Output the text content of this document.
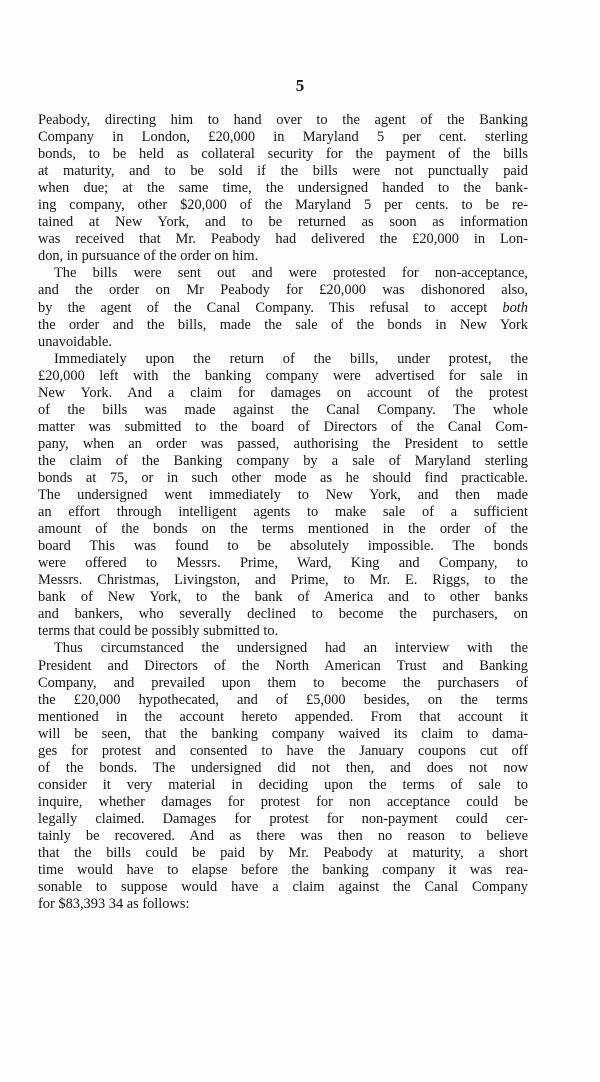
5
Peabody, directing him to hand over to the agent of the Banking
Company in London, £20,000 in Maryland 5 per cent. sterling
bonds, to be held as collateral security for the payment of the bills
at maturity, and to be sold if the bills were not punctually paid
when due; at the same time, the undersigned handed to the bank-
ing company, other $20,000 of the Maryland 5 per cents. to be re-
tained at New York, and to be returned as soon as information
was received that Mr. Peabody had delivered the £20,000 in Lon-
don, in pursuance of the order on him.
The bills were sent out and were protested for non-acceptance,
and the order on Mr Peabody for £20,000 was dishonored also,
by the agent of the Canal Company. This refusal to accept both
the order and the bills, made the sale of the bonds in New York
unavoidable.
Immediately upon the return of the bills, under protest, the
£20,000 left with the banking company were advertised for sale in
New York. And a claim for damages on account of the protest
of the bills was made against the Canal Company. The whole
matter was submitted to the board of Directors of the Canal Com-
pany, when an order was passed, authorising the President to settle
the claim of the Banking company by a sale of Maryland sterling
bonds at 75, or in such other mode as he should find practicable.
The undersigned went immediately to New York, and then made
an effort through intelligent agents to make sale of a sufficient
amount of the bonds on the terms mentioned in the order of the
board This was found to be absolutely impossible. The bonds
were offered to Messrs. Prime, Ward, King and Company, to
Messrs. Christmas, Livingston, and Prime, to Mr. E. Riggs, to the
bank of New York, to the bank of America and to other banks
and bankers, who severally declined to become the purchasers, on
terms that could be possibly submitted to.
Thus circumstanced the undersigned had an interview with the
President and Directors of the North American Trust and Banking
Company, and prevailed upon them to become the purchasers of
the £20,000 hypothecated, and of £5,000 besides, on the terms
mentioned in the account hereto appended. From that account it
will be seen, that the banking company waived its claim to dama-
ges for protest and consented to have the January coupons cut off
of the bonds. The undersigned did not then, and does not now
consider it very material in deciding upon the terms of sale to
inquire, whether damages for protest for non acceptance could be
legally claimed. Damages for protest for non-payment could cer-
tainly be recovered. And as there was then no reason to believe
that the bills could be paid by Mr. Peabody at maturity, a short
time would have to elapse before the banking company it was rea-
sonable to suppose would have a claim against the Canal Company
for $83,393 34 as follows:
